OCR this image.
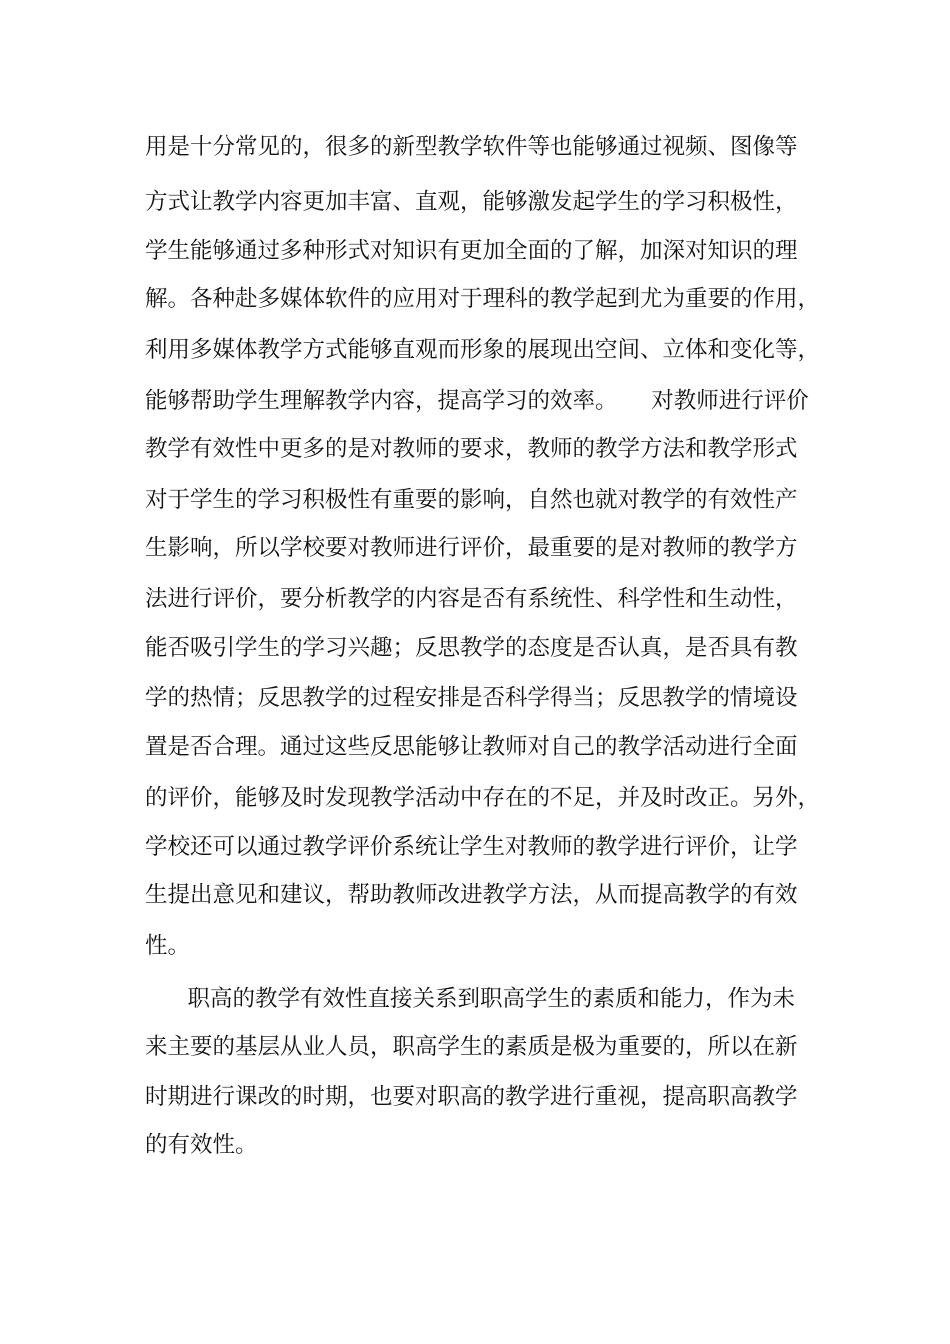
用是十分常见的，很多的新型教学软件等也能够通过视频、图像等
方式让教学内容更加丰富、直观，能够激发起学生的学习积极性，
学生能够通过多种形式对知识有更加全面的了解，加深对知识的理
解。各种赴多媒体软件的应用对于理科的教学起到尤为重要的作用，
利用多媒体教学方式能够直观而形象的展现出空间、立体和变化等，
能够帮助学生理解教学内容，提高学习的效率。　　对教师进行评价
教学有效性中更多的是对教师的要求，教师的教学方法和教学形式
对于学生的学习积极性有重要的影响，自然也就对教学的有效性产
生影响，所以学校要对教师进行评价，最重要的是对教师的教学方
法进行评价，要分析教学的内容是否有系统性、科学性和生动性，
能否吸引学生的学习兴趣；反思教学的态度是否认真，是否具有教
学的热情；反思教学的过程安排是否科学得当；反思教学的情境设
置是否合理。通过这些反思能够让教师对自己的教学活动进行全面
的评价，能够及时发现教学活动中存在的不足，并及时改正。另外，
学校还可以通过教学评价系统让学生对教师的教学进行评价，让学
生提出意见和建议，帮助教师改进教学方法，从而提高教学的有效
性。
　职高的教学有效性直接关系到职高学生的素质和能力，作为未
来主要的基层从业人员，职高学生的素质是极为重要的，所以在新
时期进行课改的时期，也要对职高的教学进行重视，提高职高教学
的有效性。
